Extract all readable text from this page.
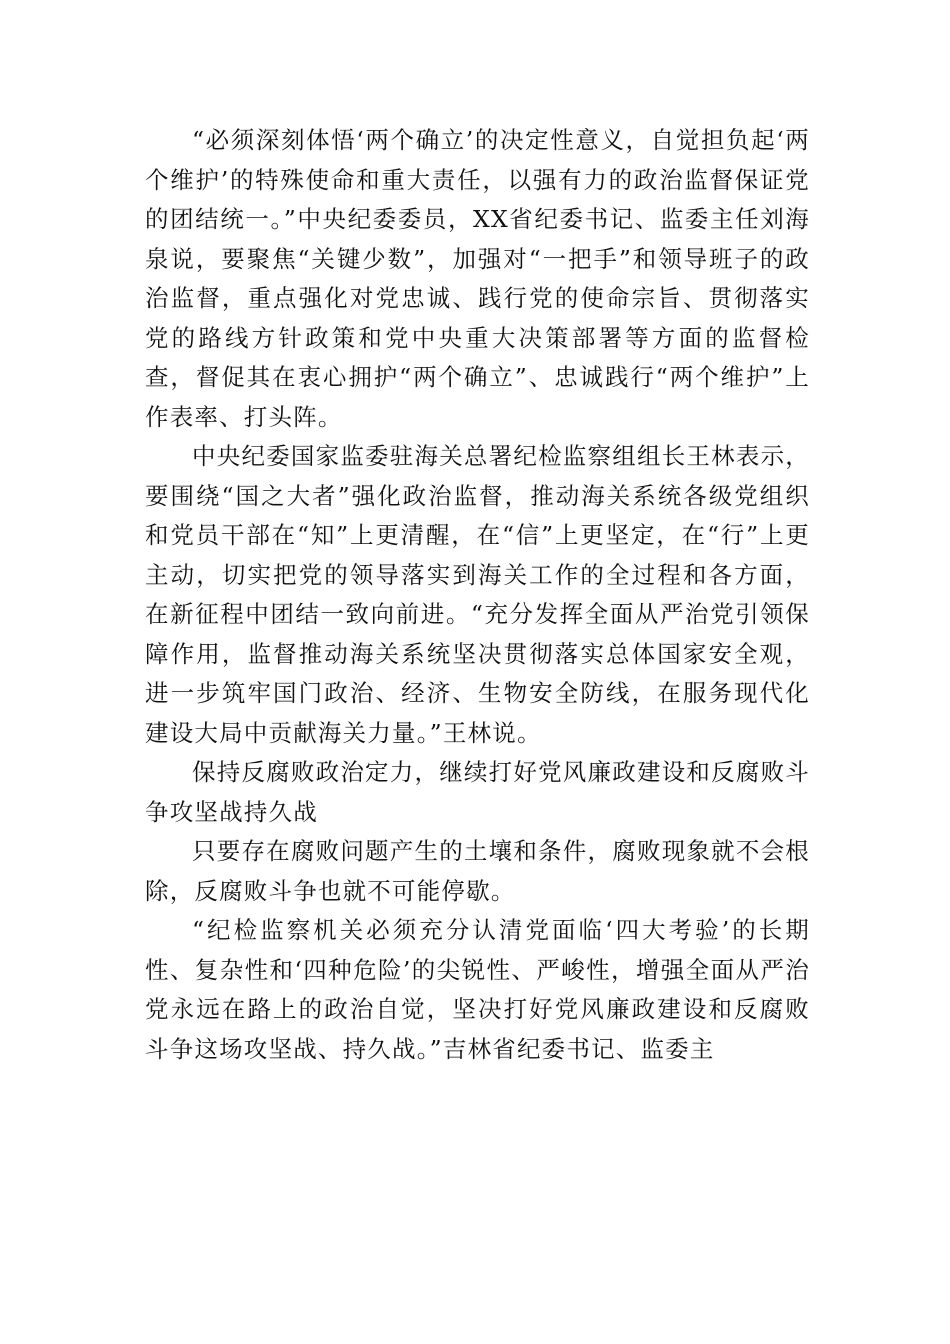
“必须深刻体悟‘两个确立’的决定性意义，自觉担负起‘两个维护’的特殊使命和重大责任，以强有力的政治监督保证党的团结统一。”中央纪委委员，XX省纪委书记、监委主任刘海泉说，要聚焦“关键少数”，加强对“一把手”和领导班子的政治监督，重点强化对党忠诚、践行党的使命宗旨、贯彻落实党的路线方针政策和党中央重大决策部署等方面的监督检查，督促其在衷心拥护“两个确立”、忠诚践行“两个维护”上作表率、打头阵。

中央纪委国家监委驻海关总署纪检监察组组长王林表示，要围绕“国之大者”强化政治监督，推动海关系统各级党组织和党员干部在“知”上更清醒，在“信”上更坚定，在“行”上更主动，切实把党的领导落实到海关工作的全过程和各方面，在新征程中团结一致向前进。“充分发挥全面从严治党引领保障作用，监督推动海关系统坚决贯彻落实总体国家安全观，进一步筑牢国门政治、经济、生物安全防线，在服务现代化建设大局中贡献海关力量。”王林说。

保持反腐败政治定力，继续打好党风廉政建设和反腐败斗争攻坚战持久战

只要存在腐败问题产生的土壤和条件，腐败现象就不会根除，反腐败斗争也就不可能停歇。

“纪检监察机关必须充分认清党面临‘四大考验’的长期性、复杂性和‘四种危险’的尖锐性、严峻性，增强全面从严治党永远在路上的政治自觉，坚决打好党风廉政建设和反腐败斗争这场攻坚战、持久战。”吉林省纪委书记、监委主
